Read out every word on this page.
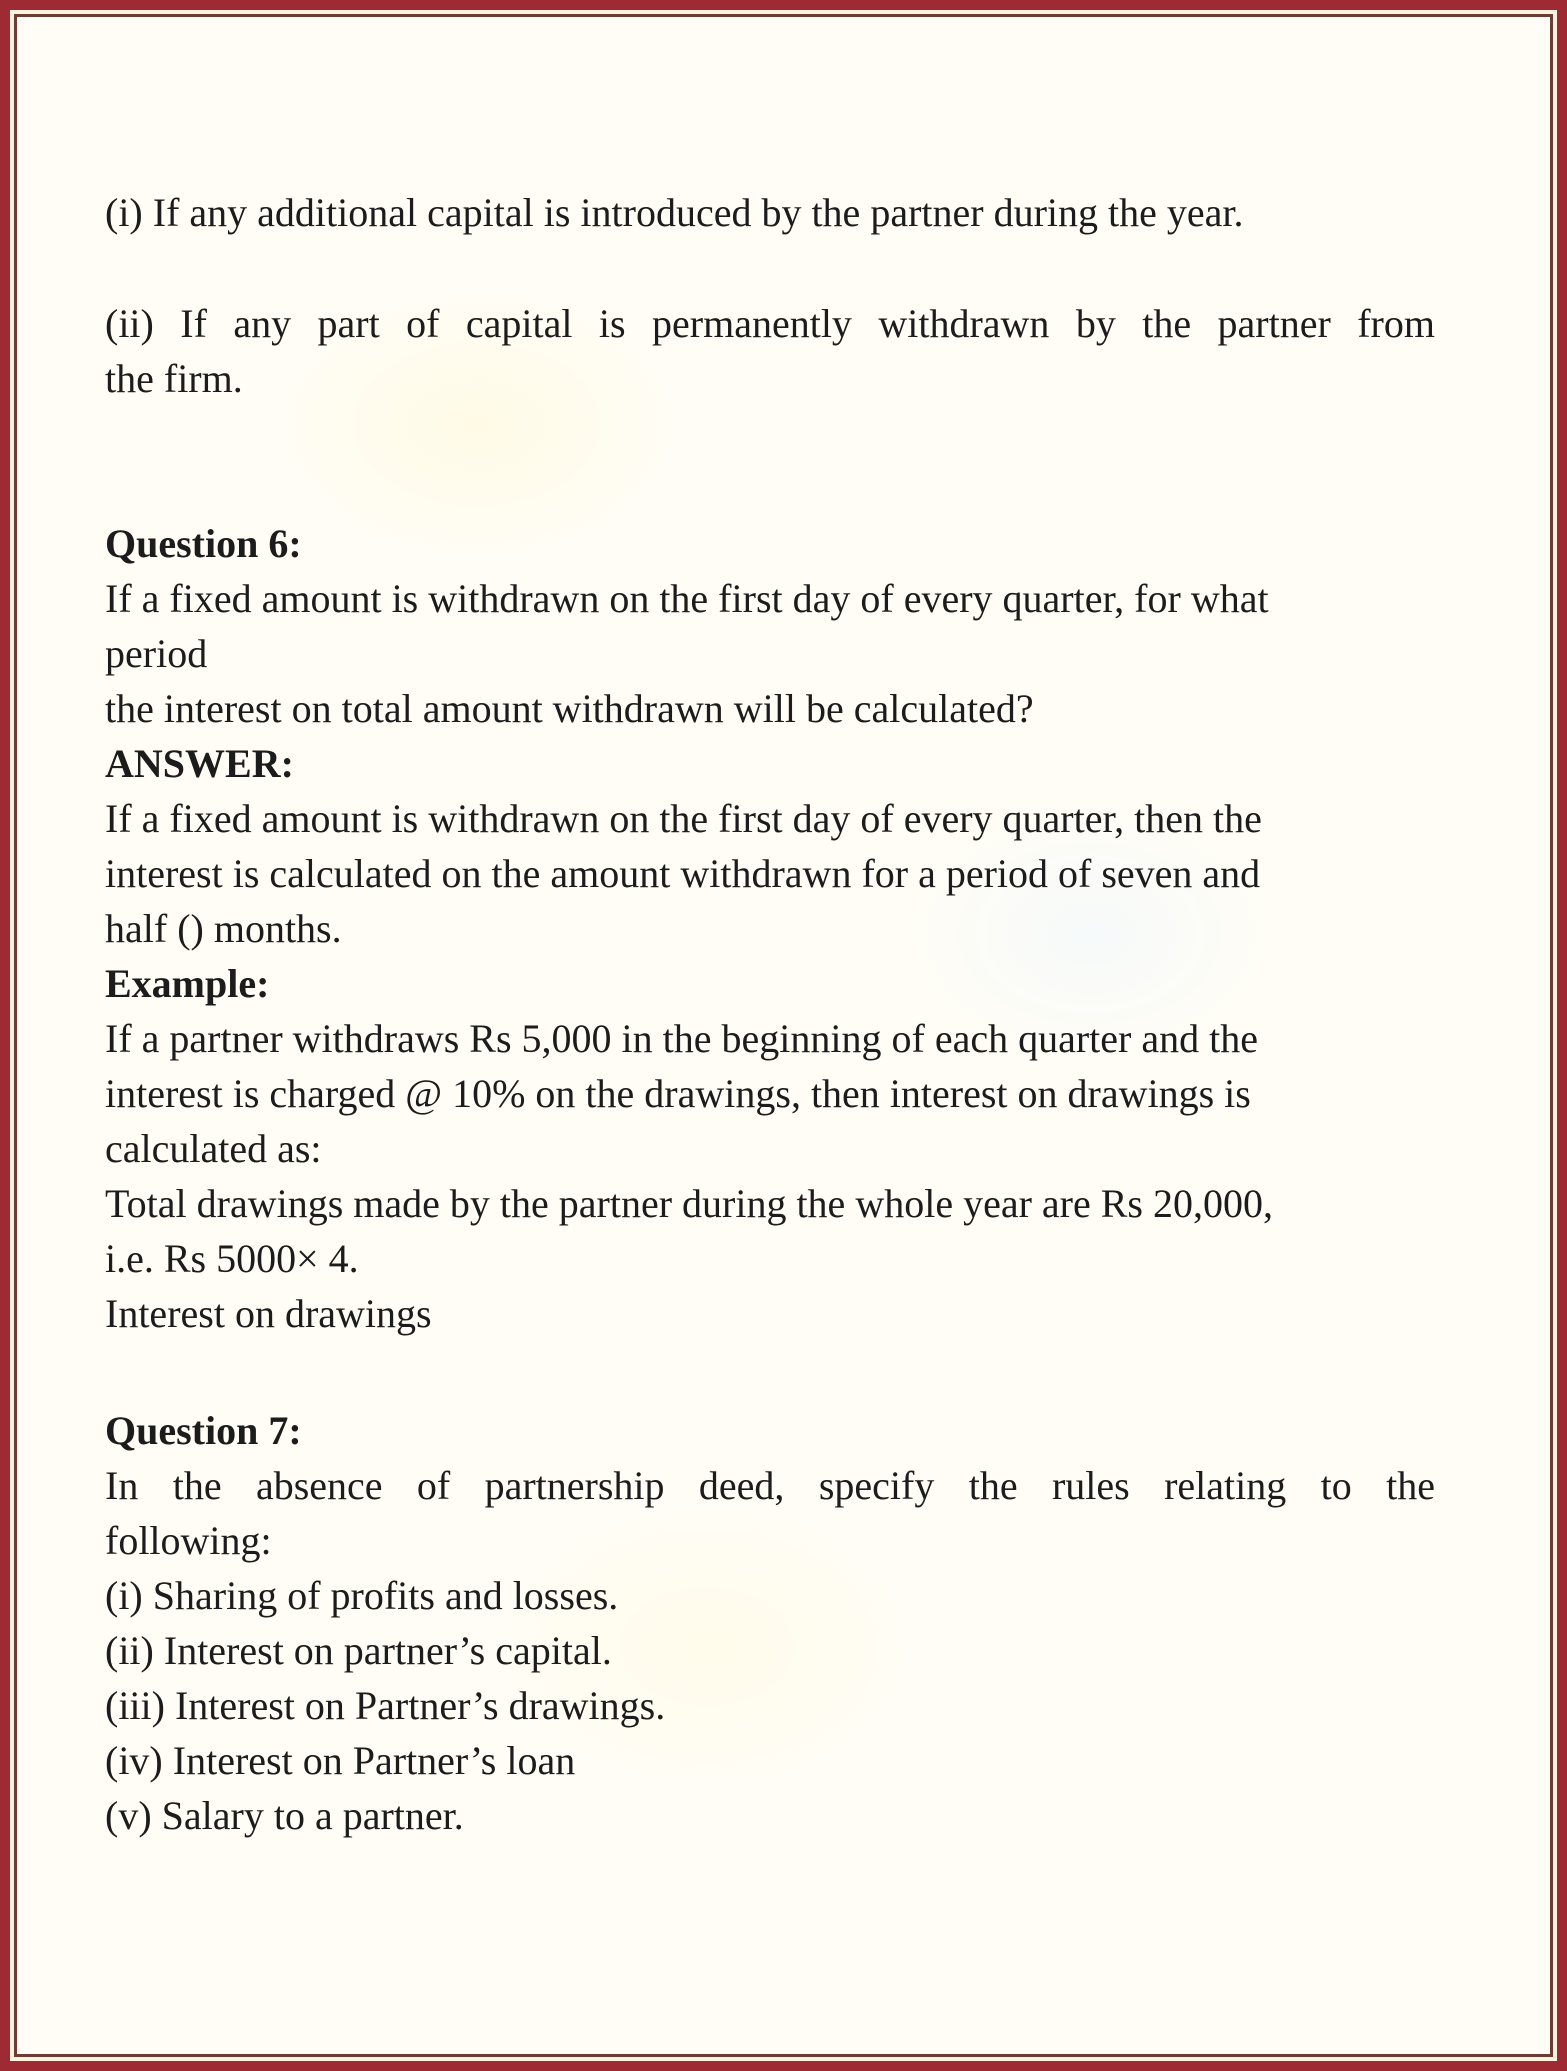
(i) If any additional capital is introduced by the partner during the year.
(ii) If any part of capital is permanently withdrawn by the partner from
the firm.
Question 6:
If a fixed amount is withdrawn on the first day of every quarter, for what
period
the interest on total amount withdrawn will be calculated?
ANSWER:
If a fixed amount is withdrawn on the first day of every quarter, then the
interest is calculated on the amount withdrawn for a period of seven and
half () months.
Example:
If a partner withdraws Rs 5,000 in the beginning of each quarter and the
interest is charged @ 10% on the drawings, then interest on drawings is
calculated as:
Total drawings made by the partner during the whole year are Rs 20,000,
i.e. Rs 5000× 4.
Interest on drawings
Question 7:
In the absence of partnership deed, specify the rules relating to the
following:
(i) Sharing of profits and losses.
(ii) Interest on partner’s capital.
(iii) Interest on Partner’s drawings.
(iv) Interest on Partner’s loan
(v) Salary to a partner.
